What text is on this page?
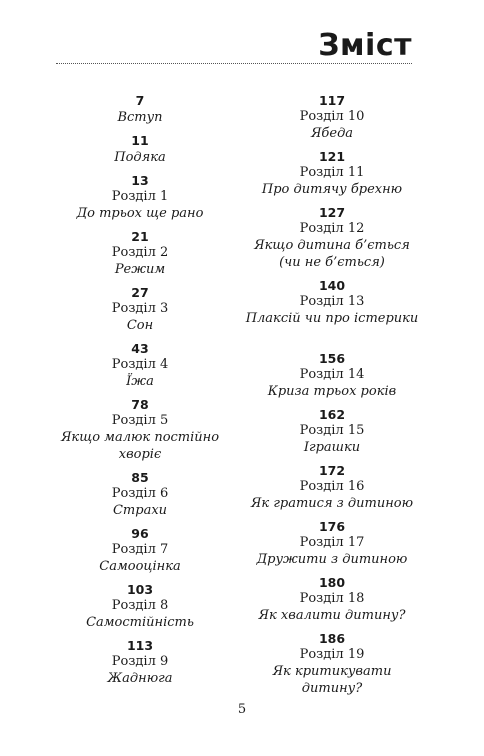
Зміст
7
Вступ
11
Подяка
13
Розділ 1
До трьох ще рано
21
Розділ 2
Режим
27
Розділ 3
Сон
43
Розділ 4
Їжа
78
Розділ 5
Якщо малюк постійно хворіє
85
Розділ 6
Страхи
96
Розділ 7
Самооцінка
103
Розділ 8
Самостійність
113
Розділ 9
Жаднюга
117
Розділ 10
Ябеда
121
Розділ 11
Про дитячу брехню
127
Розділ 12
Якщо дитина б’ється (чи не б’ється)
140
Розділ 13
Плаксій чи про істерики
156
Розділ 14
Криза трьох років
162
Розділ 15
Іграшки
172
Розділ 16
Як гратися з дитиною
176
Розділ 17
Дружити з дитиною
180
Розділ 18
Як хвалити дитину?
186
Розділ 19
Як критикувати дитину?
5
